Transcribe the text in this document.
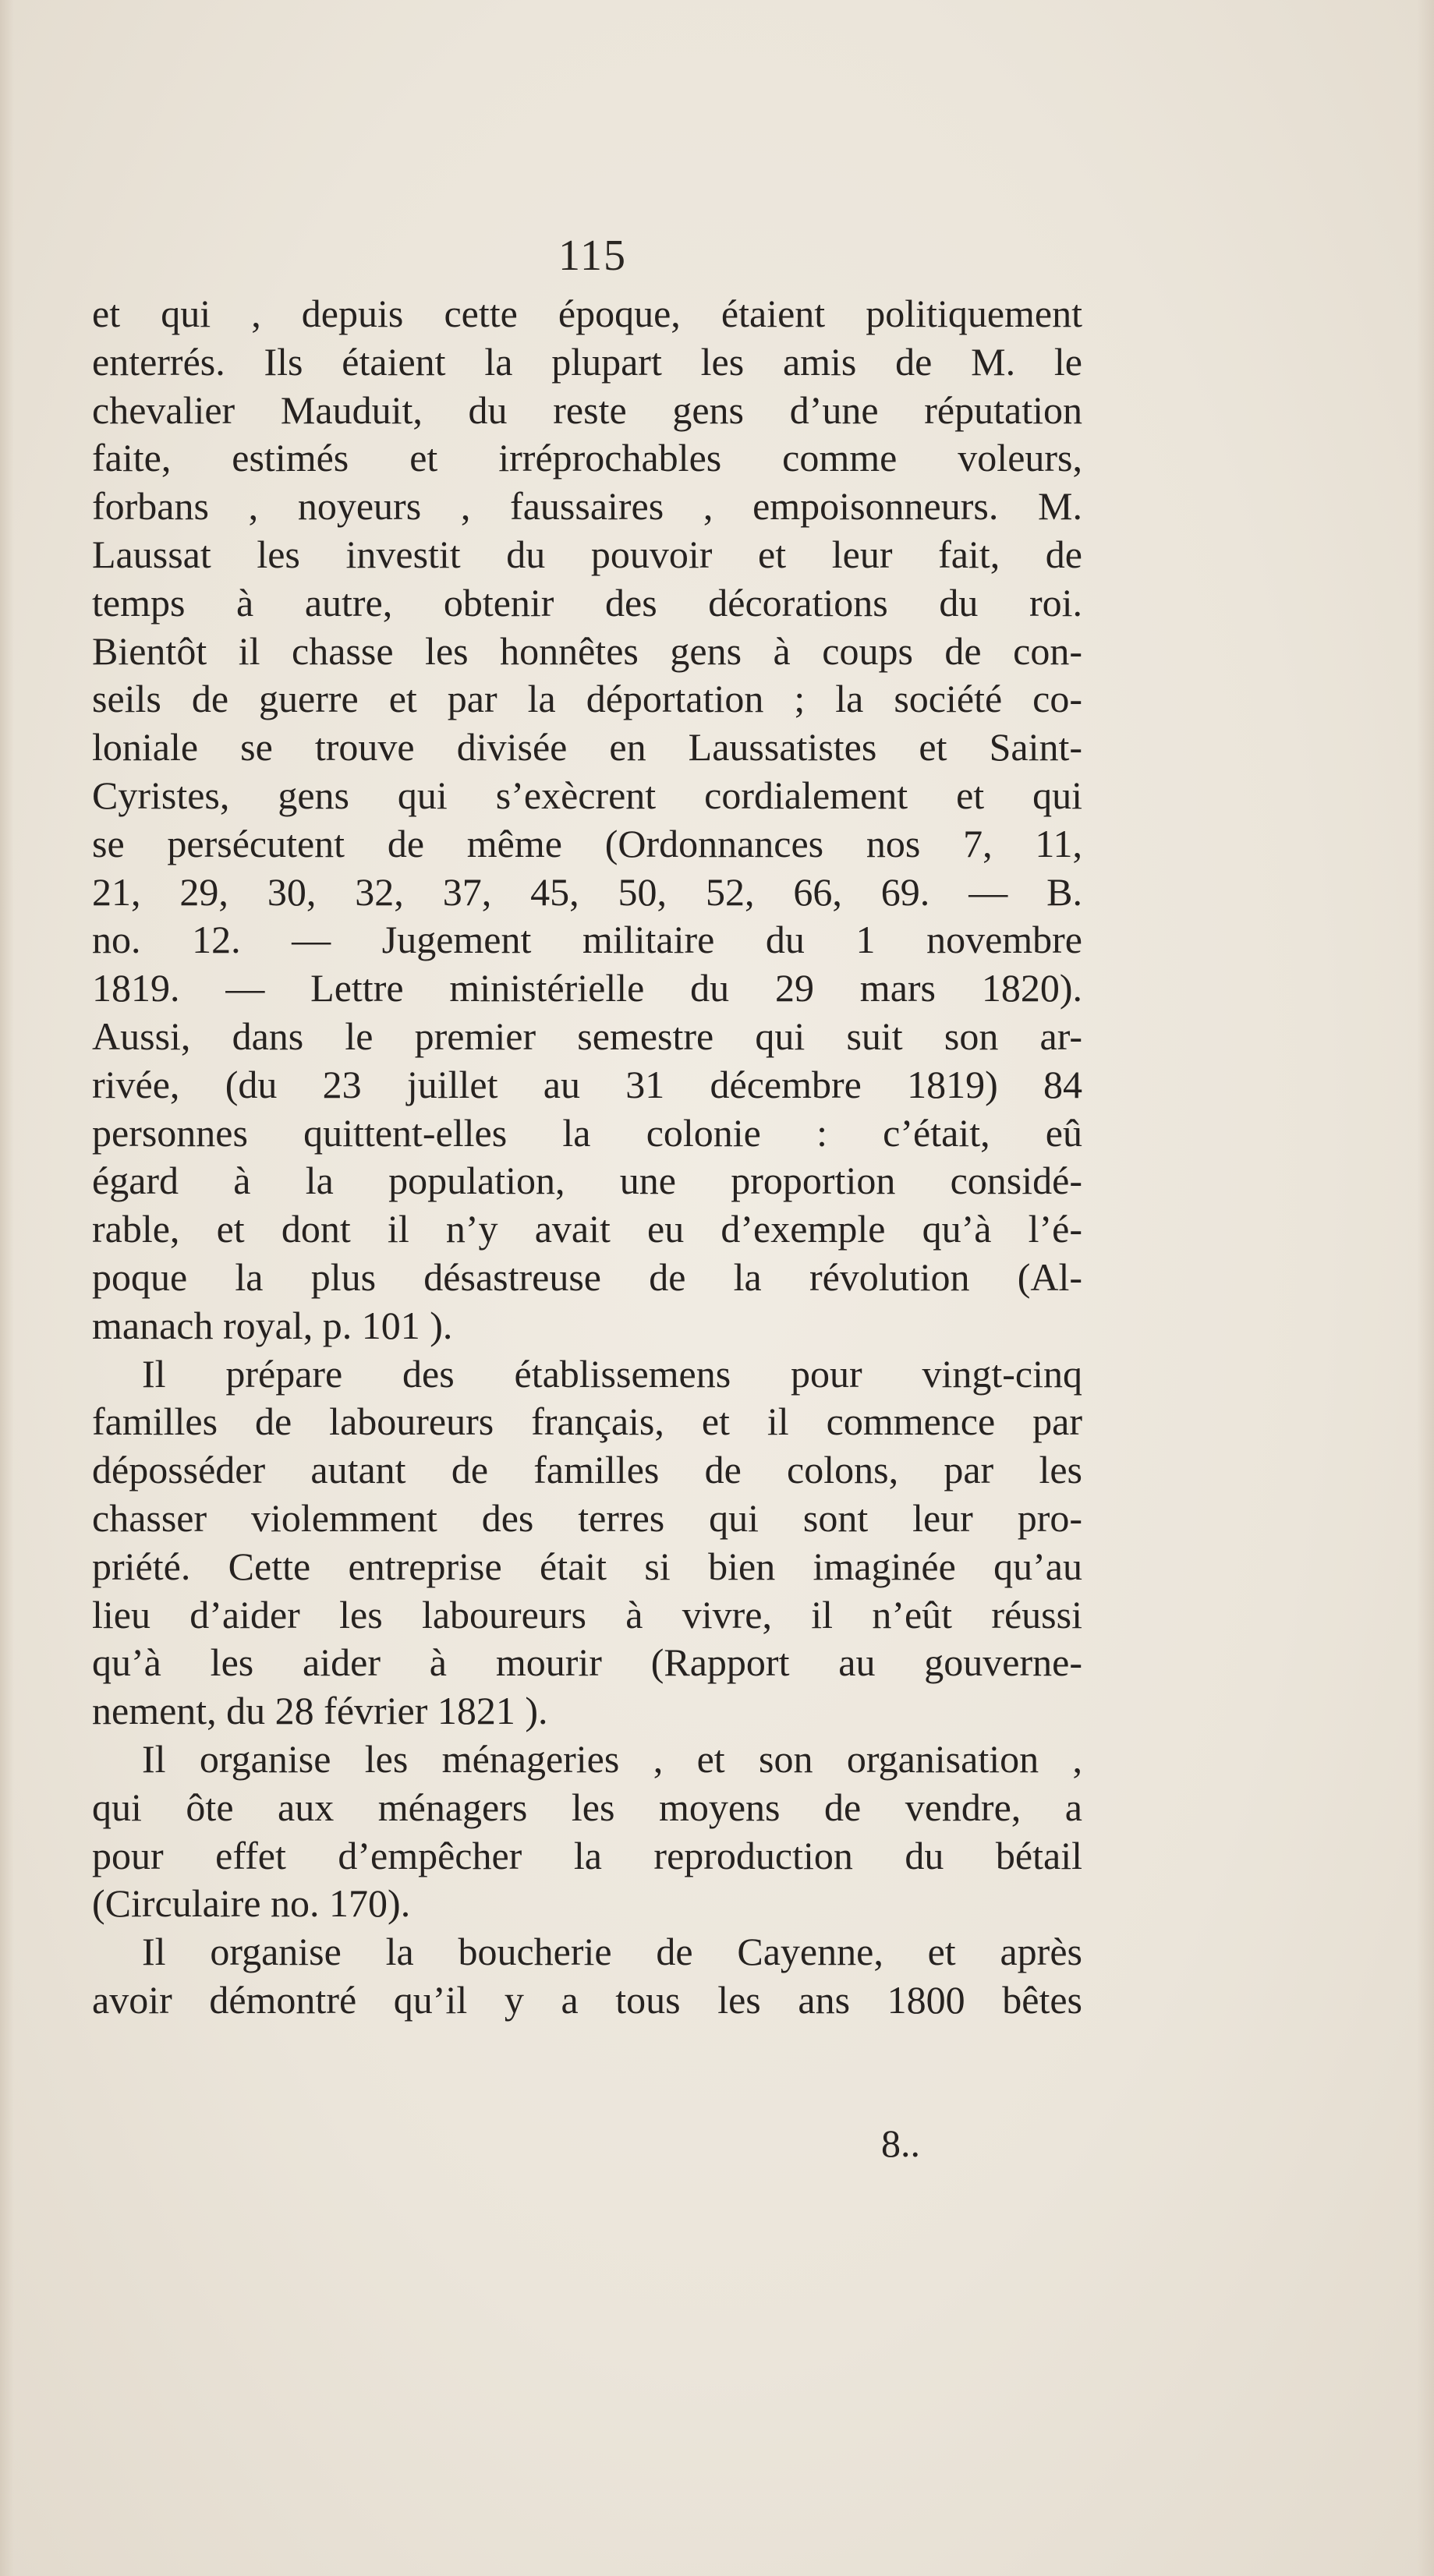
115
et qui , depuis cette époque, étaient politiquement
enterrés. Ils étaient la plupart les amis de M. le
chevalier Mauduit, du reste gens d’une réputation
faite, estimés et irréprochables comme voleurs,
forbans , noyeurs , faussaires , empoisonneurs. M.
Laussat les investit du pouvoir et leur fait, de
temps à autre, obtenir des décorations du roi.
Bientôt il chasse les honnêtes gens à coups de con-
seils de guerre et par la déportation ; la société co-
loniale se trouve divisée en Laussatistes et Saint-
Cyristes, gens qui s’exècrent cordialement et qui
se persécutent de même (Ordonnances nos 7, 11,
21, 29, 30, 32, 37, 45, 50, 52, 66, 69. — B.
no. 12. — Jugement militaire du 1 novembre
1819. — Lettre ministérielle du 29 mars 1820).
Aussi, dans le premier semestre qui suit son ar-
rivée, (du 23 juillet au 31 décembre 1819) 84
personnes quittent-elles la colonie : c’était, eû
égard à la population, une proportion considé-
rable, et dont il n’y avait eu d’exemple qu’à l’é-
poque la plus désastreuse de la révolution (Al-
manach royal, p. 101 ).
Il prépare des établissemens pour vingt-cinq
familles de laboureurs français, et il commence par
déposséder autant de familles de colons, par les
chasser violemment des terres qui sont leur pro-
priété. Cette entreprise était si bien imaginée qu’au
lieu d’aider les laboureurs à vivre, il n’eût réussi
qu’à les aider à mourir (Rapport au gouverne-
nement, du 28 février 1821 ).
Il organise les ménageries , et son organisation ,
qui ôte aux ménagers les moyens de vendre, a
pour effet d’empêcher la reproduction du bétail
(Circulaire no. 170).
Il organise la boucherie de Cayenne, et après
avoir démontré qu’il y a tous les ans 1800 bêtes
8..
